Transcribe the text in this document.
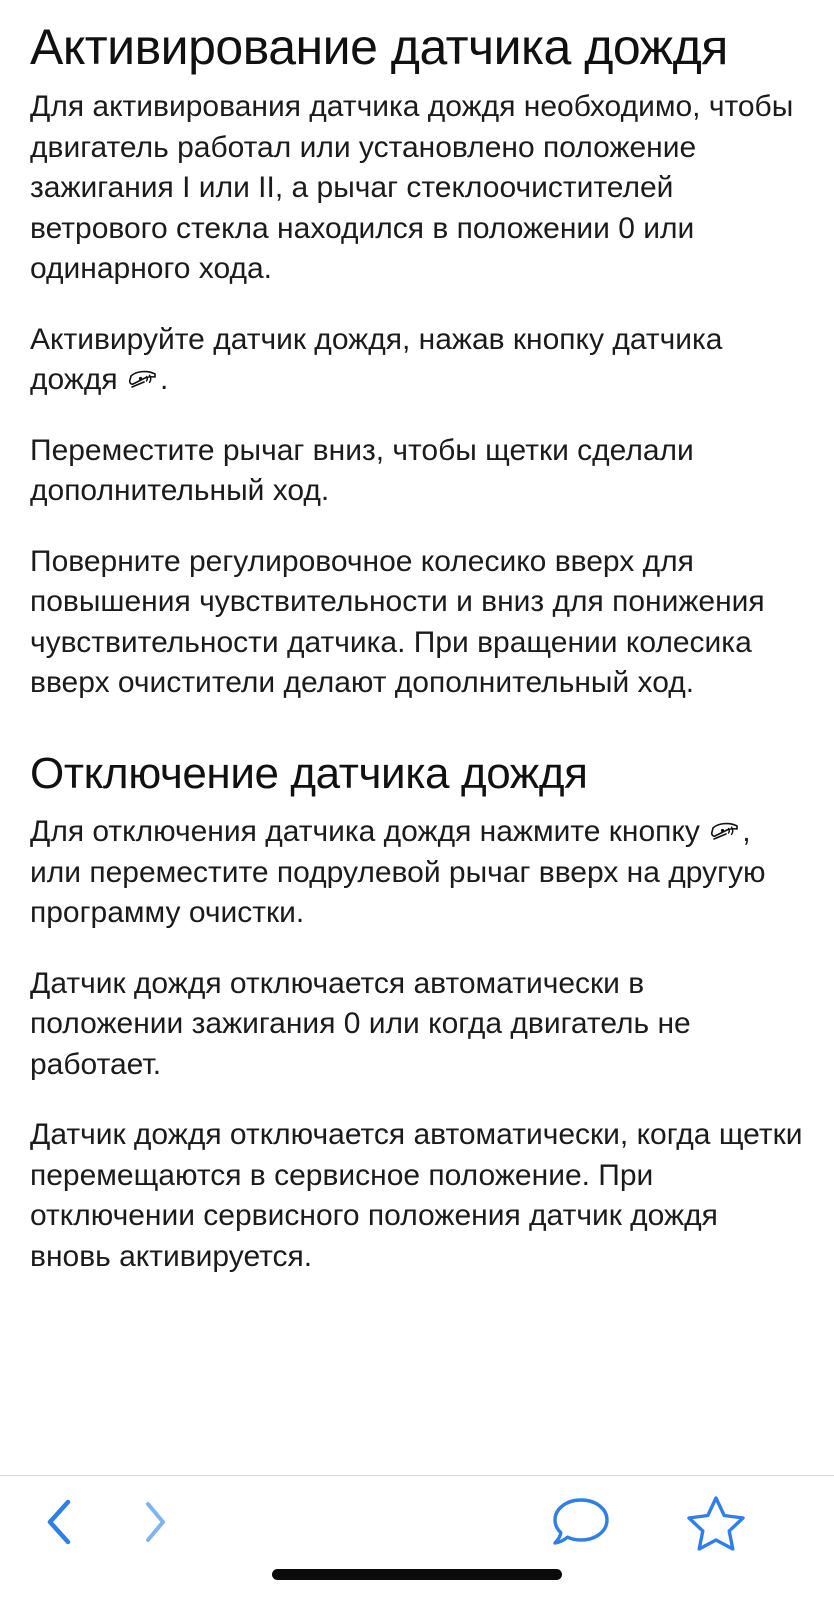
Активирование датчика дождя

Для активирования датчика дождя необходимо, чтобы двигатель работал или установлено положение зажигания I или II, а рычаг стеклоочистителей ветрового стекла находился в положении 0 или одинарного хода.

Активируйте датчик дождя, нажав кнопку датчика дождя .

Переместите рычаг вниз, чтобы щетки сделали дополнительный ход.

Поверните регулировочное колесико вверх для повышения чувствительности и вниз для понижения чувствительности датчика. При вращении колесика вверх очистители делают дополнительный ход.

Отключение датчика дождя

Для отключения датчика дождя нажмите кнопку , или переместите подрулевой рычаг вверх на другую программу очистки.

Датчик дождя отключается автоматически в положении зажигания 0 или когда двигатель не работает.

Датчик дождя отключается автоматически, когда щетки перемещаются в сервисное положение. При отключении сервисного положения датчик дождя вновь активируется.
